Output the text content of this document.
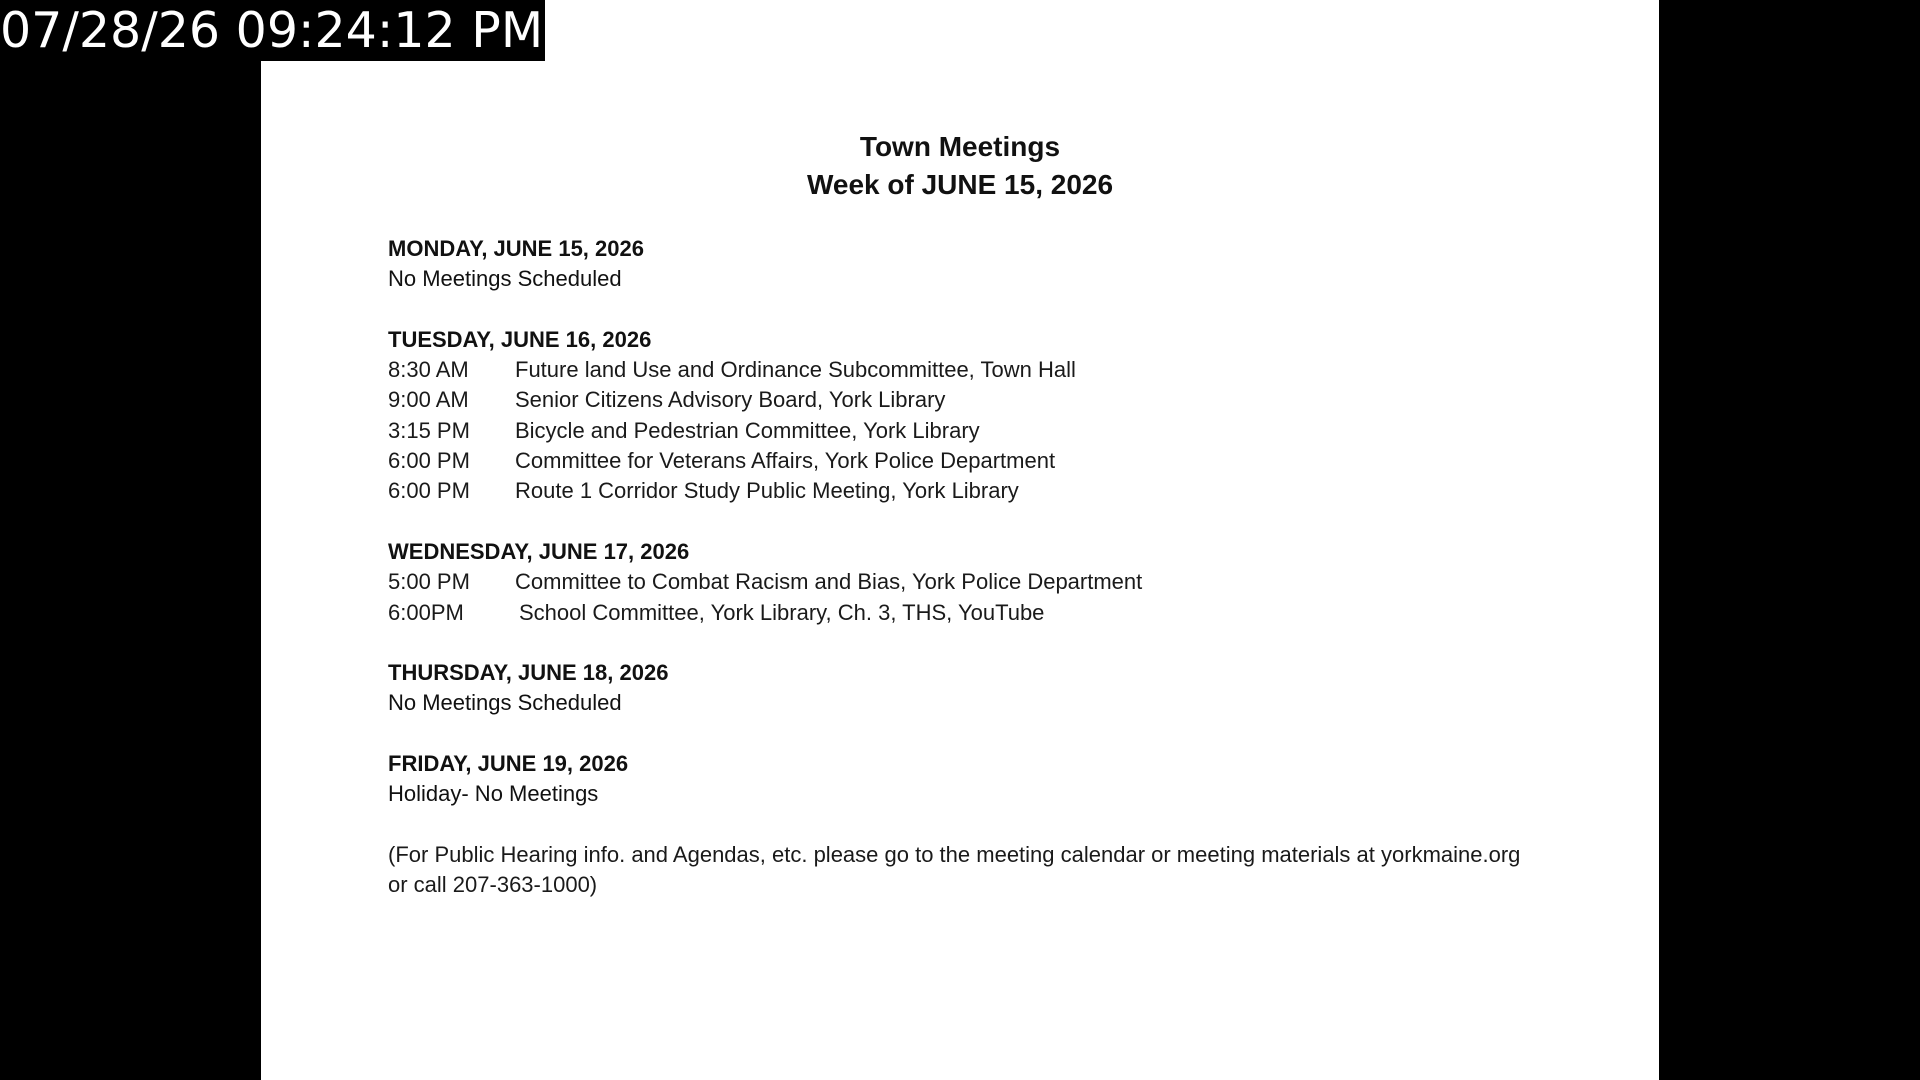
07/28/26 09:24:12 PM
Town Meetings
Week of JUNE 15, 2026
MONDAY, JUNE 15, 2026
No Meetings Scheduled
TUESDAY, JUNE 16, 2026
8:30 AM	Future land Use and Ordinance Subcommittee, Town Hall
9:00 AM	Senior Citizens Advisory Board, York Library
3:15 PM	Bicycle and Pedestrian Committee, York Library
6:00 PM	Committee for Veterans Affairs, York Police Department
6:00 PM	Route 1 Corridor Study Public Meeting, York Library
WEDNESDAY, JUNE 17, 2026
5:00 PM	Committee to Combat Racism and Bias, York Police Department
6:00PM	School Committee, York Library, Ch. 3, THS, YouTube
THURSDAY, JUNE 18, 2026
No Meetings Scheduled
FRIDAY, JUNE 19, 2026
Holiday- No Meetings
(For Public Hearing info. and Agendas, etc. please go to the meeting calendar or meeting materials at yorkmaine.org
or call 207-363-1000)
